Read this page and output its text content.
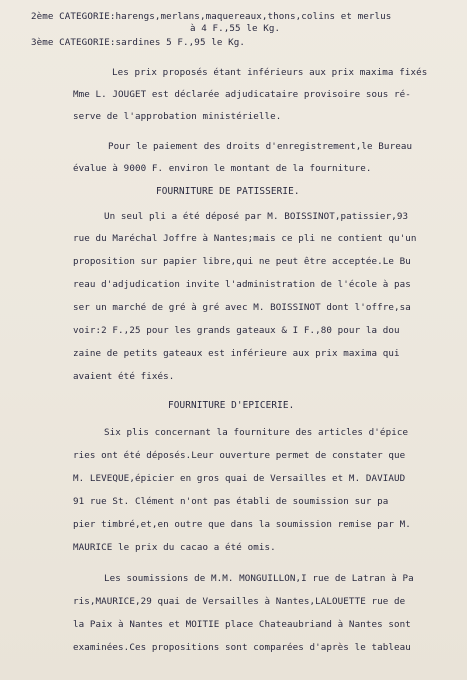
2ème CATEGORIE:harengs,merlans,maquereaux,thons,colins et merlus
à 4 F.,55 le Kg.
3ème CATEGORIE:sardines 5 F.,95 le Kg.
Les prix proposés étant inférieurs aux prix maxima fixés
Mme L. JOUGET est déclarée adjudicataire provisoire sous ré-
serve de l'approbation ministérielle.
Pour le paiement des droits d'enregistrement,le Bureau
évalue à 9000 F. environ le montant de la fourniture.
FOURNITURE DE PATISSERIE.
Un seul pli a été déposé par M. BOISSINOT,patissier,93
rue du Maréchal Joffre à Nantes;mais ce pli ne contient qu'un
proposition sur papier libre,qui ne peut être acceptée.Le Bu
reau d'adjudication invite l'administration de l'école à pas
ser un marché de gré à gré avec M. BOISSINOT dont l'offre,sa
voir:2 F.,25 pour les grands gateaux & I F.,80 pour la dou
zaine de petits gateaux est inférieure aux prix maxima qui
avaient été fixés.
FOURNITURE D'EPICERIE.
Six plis concernant la fourniture des articles d'épice
ries ont été déposés.Leur ouverture permet de constater que
M. LEVEQUE,épicier en gros quai de Versailles et M. DAVIAUD
91 rue St. Clément n'ont pas établi de soumission sur pa
pier timbré,et,en outre que dans la soumission remise par M.
MAURICE le prix du cacao a été omis.
Les soumissions de M.M. MONGUILLON,I rue de Latran à Pa
ris,MAURICE,29 quai de Versailles à Nantes,LALOUETTE rue de
la Paix à Nantes et MOITIE place Chateaubriand à Nantes sont
examinées.Ces propositions sont comparées d'après le tableau
